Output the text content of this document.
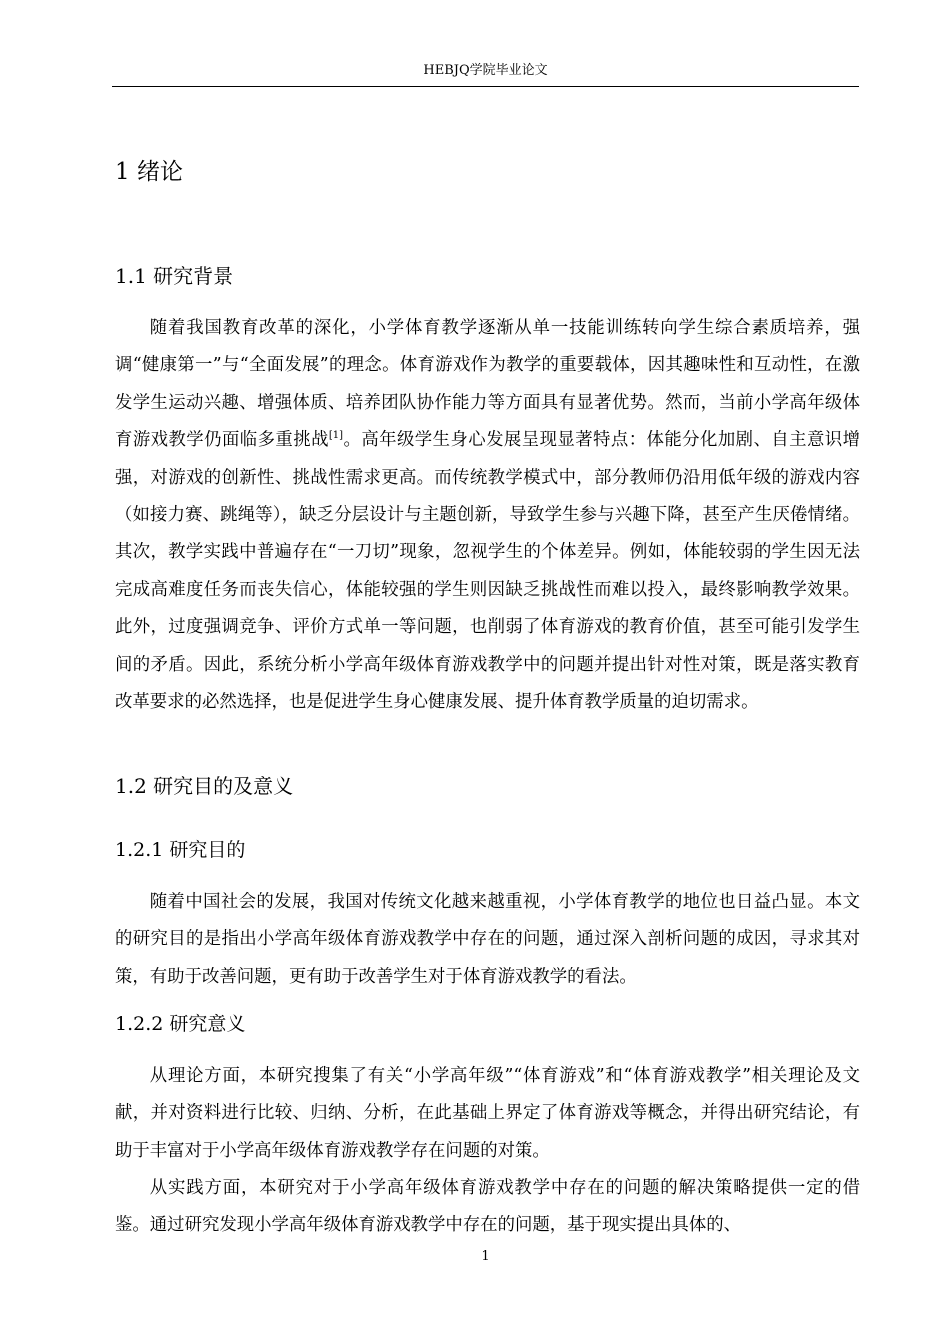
HEBJQ学院毕业论文
1 绪论
1.1 研究背景

随着我国教育改革的深化，小学体育教学逐渐从单一技能训练转向学生综合素质培养，强调“健康第一”与“全面发展”的理念。体育游戏作为教学的重要载体，因其趣味性和互动性，在激发学生运动兴趣、增强体质、培养团队协作能力等方面具有显著优势。然而，当前小学高年级体育游戏教学仍面临多重挑战[1]。高年级学生身心发展呈现显著特点：体能分化加剧、自主意识增强，对游戏的创新性、挑战性需求更高。而传统教学模式中，部分教师仍沿用低年级的游戏内容（如接力赛、跳绳等），缺乏分层设计与主题创新，导致学生参与兴趣下降，甚至产生厌倦情绪。其次，教学实践中普遍存在“一刀切”现象，忽视学生的个体差异。例如，体能较弱的学生因无法完成高难度任务而丧失信心，体能较强的学生则因缺乏挑战性而难以投入，最终影响教学效果。此外，过度强调竞争、评价方式单一等问题，也削弱了体育游戏的教育价值，甚至可能引发学生间的矛盾。因此，系统分析小学高年级体育游戏教学中的问题并提出针对性对策，既是落实教育改革要求的必然选择，也是促进学生身心健康发展、提升体育教学质量的迫切需求。

1.2 研究目的及意义
1.2.1 研究目的

随着中国社会的发展，我国对传统文化越来越重视，小学体育教学的地位也日益凸显。本文的研究目的是指出小学高年级体育游戏教学中存在的问题，通过深入剖析问题的成因，寻求其对策，有助于改善问题，更有助于改善学生对于体育游戏教学的看法。

1.2.2 研究意义

从理论方面，本研究搜集了有关“小学高年级”“体育游戏”和“体育游戏教学”相关理论及文献，并对资料进行比较、归纳、分析，在此基础上界定了体育游戏等概念，并得出研究结论，有助于丰富对于小学高年级体育游戏教学存在问题的对策。

从实践方面，本研究对于小学高年级体育游戏教学中存在的问题的解决策略提供一定的借鉴。通过研究发现小学高年级体育游戏教学中存在的问题，基于现实提出具体的、

1
